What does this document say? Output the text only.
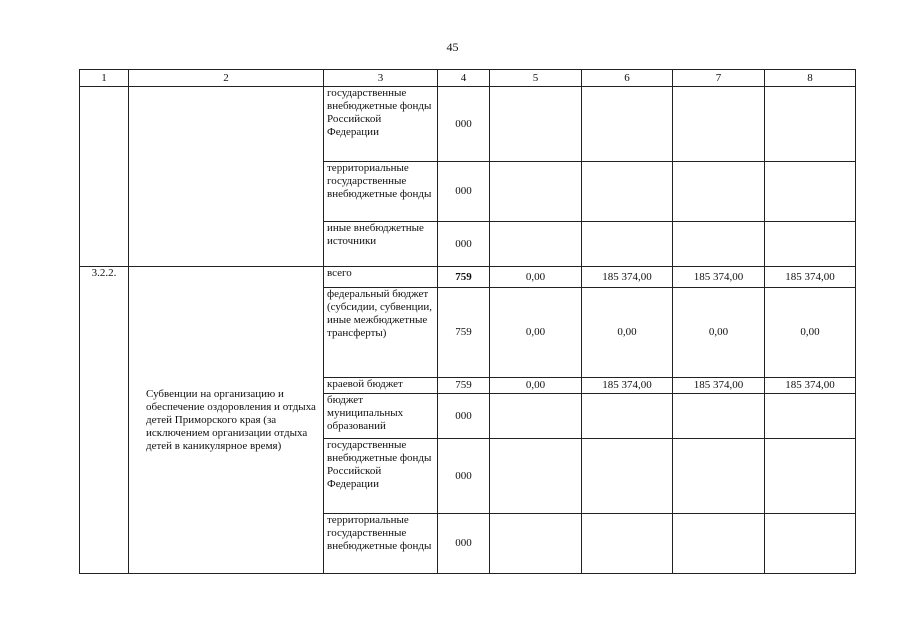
45
1	2	3	4	5	6	7	8
		государственные внебюджетные фонды Российской Федерации	000				
		территориальные государственные внебюджетные фонды	000				
		иные внебюджетные источники	000				
3.2.2.	Субвенции на организацию и обеспечение оздоровления и отдыха детей Приморского края (за исключением организации отдыха детей в каникулярное время)	всего	759	0,00	185 374,00	185 374,00	185 374,00
		федеральный бюджет (субсидии, субвенции, иные межбюджетные трансферты)	759	0,00	0,00	0,00	0,00
		краевой бюджет	759	0,00	185 374,00	185 374,00	185 374,00
		бюджет муниципальных образований	000				
		государственные внебюджетные фонды Российской Федерации	000				
		территориальные государственные внебюджетные фонды	000				
